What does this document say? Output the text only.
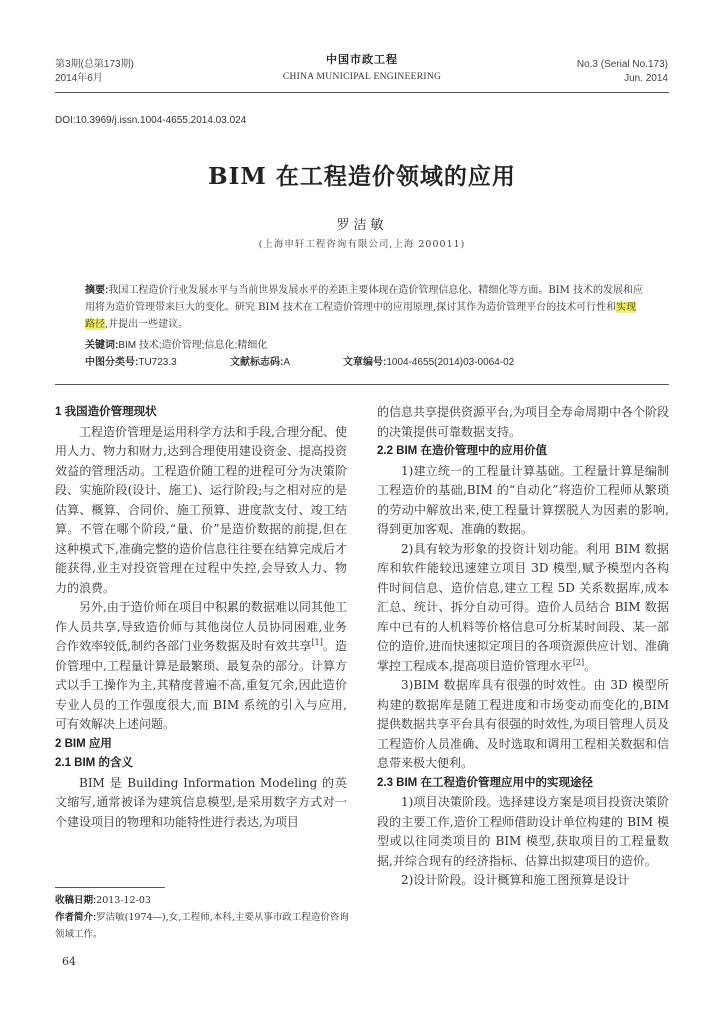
第3期(总第173期)
2014年6月
中国市政工程
CHINA MUNICIPAL ENGINEERING
No.3 (Serial No.173)
Jun. 2014
DOI:10.3969/j.issn.1004-4655.2014.03.024
BIM 在工程造价领域的应用
罗洁敏
(上海申轩工程咨询有限公司,上海 200011)
摘要:我国工程造价行业发展水平与当前世界发展水平的差距主要体现在造价管理信息化、精细化等方面。BIM 技术的发展和应用将为造价管理带来巨大的变化。研究 BIM 技术在工程造价管理中的应用原理,探讨其作为造价管理平台的技术可行性和实现路径,并提出一些建议。
关键词:BIM 技术;造价管理;信息化;精细化
中图分类号:TU723.3	文献标志码:A	文章编号:1004-4655(2014)03-0064-02

1 我国造价管理现状

工程造价管理是运用科学方法和手段,合理分配、使用人力、物力和财力,达到合理使用建设资金、提高投资效益的管理活动。工程造价随工程的进程可分为决策阶段、实施阶段(设计、施工)、运行阶段;与之相对应的是估算、概算、合同价、施工预算、进度款支付、竣工结算。不管在哪个阶段,“量、价”是造价数据的前提,但在这种模式下,准确完整的造价信息往往要在结算完成后才能获得,业主对投资管理在过程中失控,会导致人力、物力的浪费。

另外,由于造价师在项目中积累的数据难以同其他工作人员共享,导致造价师与其他岗位人员协同困难,业务合作效率较低,制约各部门业务数据及时有效共享[1]。造价管理中,工程量计算是最繁琐、最复杂的部分。计算方式以手工操作为主,其精度普遍不高,重复冗余,因此造价专业人员的工作强度很大,而 BIM 系统的引入与应用,可有效解决上述问题。

2 BIM 应用

2.1 BIM 的含义

BIM 是 Building Information Modeling 的英文缩写,通常被译为建筑信息模型,是采用数字方式对一个建设项目的物理和功能特性进行表达,为项目

的信息共享提供资源平台,为项目全寿命周期中各个阶段的决策提供可靠数据支持。

2.2 BIM 在造价管理中的应用价值

1)建立统一的工程量计算基础。工程量计算是编制工程造价的基础,BIM 的“自动化”将造价工程师从繁琐的劳动中解放出来,使工程量计算摆脱人为因素的影响,得到更加客观、准确的数据。

2)具有较为形象的投资计划功能。利用 BIM 数据库和软件能较迅速建立项目 3D 模型,赋予模型内各构件时间信息、造价信息,建立工程 5D 关系数据库,成本汇总、统计、拆分自动可得。造价人员结合 BIM 数据库中已有的人机料等价格信息可分析某时间段、某一部位的造价,进而快速拟定项目的各项资源供应计划、准确掌控工程成本,提高项目造价管理水平[2]。

3)BIM 数据库具有很强的时效性。由 3D 模型所构建的数据库是随工程进度和市场变动而变化的,BIM 提供数据共享平台具有很强的时效性,为项目管理人员及工程造价人员准确、及时选取和调用工程相关数据和信息带来极大便利。

2.3 BIM 在工程造价管理应用中的实现途径

1)项目决策阶段。选择建设方案是项目投资决策阶段的主要工作,造价工程师借助设计单位构建的 BIM 模型或以往同类项目的 BIM 模型,获取项目的工程量数据,并综合现有的经济指标、估算出拟建项目的造价。

2)设计阶段。设计概算和施工图预算是设计

收稿日期:2013-12-03
作者简介:罗洁敏(1974—),女,工程师,本科,主要从事市政工程造价咨询领域工作。
64
